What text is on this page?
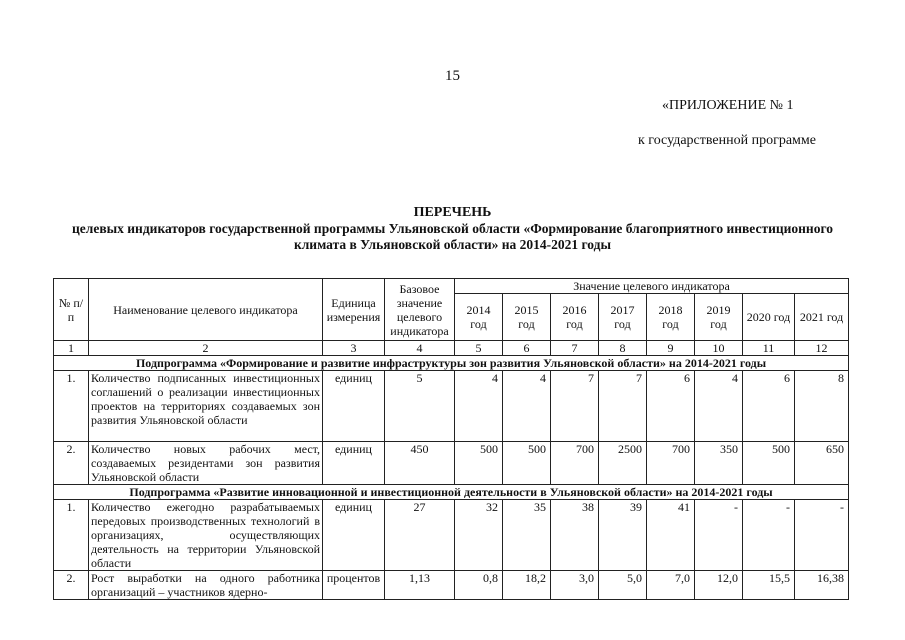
15
«ПРИЛОЖЕНИЕ № 1
к государственной программе
ПЕРЕЧЕНЬ
целевых индикаторов государственной программы Ульяновской области «Формирование благоприятного инвестиционного климата в Ульяновской области» на 2014-2021 годы
№ п/п	Наименование целевого индикатора	Единица измерения	Базовое значение целевого индикатора	Значение целевого индикатора							
				2014 год	2015 год	2016 год	2017 год	2018 год	2019 год	2020 год	2021 год
1	2	3	4	5	6	7	8	9	10	11	12
Подпрограмма «Формирование и развитие инфраструктуры зон развития Ульяновской области» на 2014-2021 годы											
1.	Количество подписанных инвестиционных соглашений о реализации инвестиционных проектов на территориях создаваемых зон развития Ульяновской области	единиц	5	4	4	7	7	6	4	6	8
2.	Количество новых рабочих мест, создаваемых резидентами зон развития Ульяновской области	единиц	450	500	500	700	2500	700	350	500	650
Подпрограмма «Развитие инновационной и инвестиционной деятельности в Ульяновской области» на 2014-2021 годы											
1.	Количество ежегодно разрабатываемых передовых производственных технологий в организациях, осуществляющих деятельность на территории Ульяновской области	единиц	27	32	35	38	39	41	-	-	-
2.	Рост выработки на одного работника организаций – участников ядерно-	процентов	1,13	0,8	18,2	3,0	5,0	7,0	12,0	15,5	16,38
